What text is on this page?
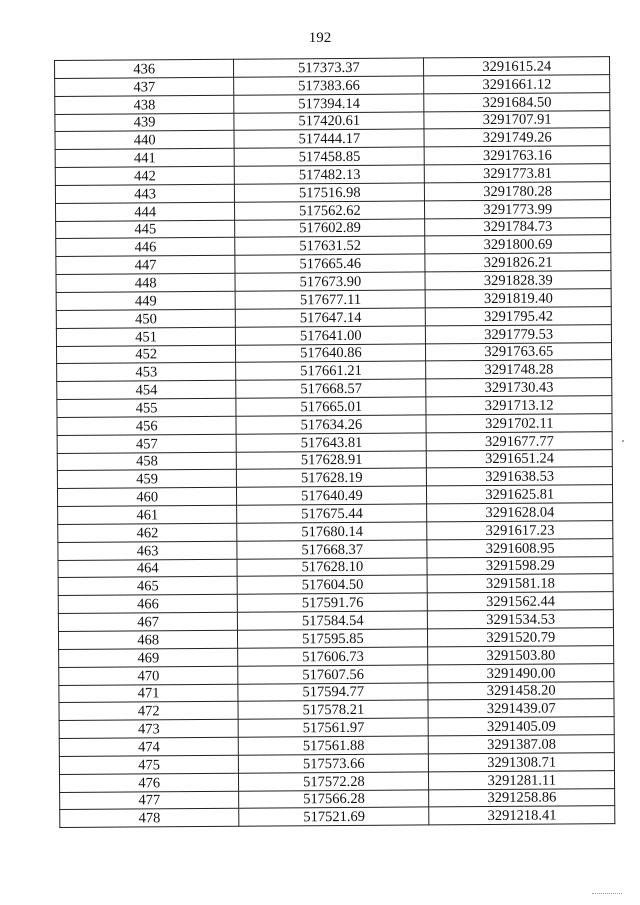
192
436	517373.37	3291615.24
437	517383.66	3291661.12
438	517394.14	3291684.50
439	517420.61	3291707.91
440	517444.17	3291749.26
441	517458.85	3291763.16
442	517482.13	3291773.81
443	517516.98	3291780.28
444	517562.62	3291773.99
445	517602.89	3291784.73
446	517631.52	3291800.69
447	517665.46	3291826.21
448	517673.90	3291828.39
449	517677.11	3291819.40
450	517647.14	3291795.42
451	517641.00	3291779.53
452	517640.86	3291763.65
453	517661.21	3291748.28
454	517668.57	3291730.43
455	517665.01	3291713.12
456	517634.26	3291702.11
457	517643.81	3291677.77
458	517628.91	3291651.24
459	517628.19	3291638.53
460	517640.49	3291625.81
461	517675.44	3291628.04
462	517680.14	3291617.23
463	517668.37	3291608.95
464	517628.10	3291598.29
465	517604.50	3291581.18
466	517591.76	3291562.44
467	517584.54	3291534.53
468	517595.85	3291520.79
469	517606.73	3291503.80
470	517607.56	3291490.00
471	517594.77	3291458.20
472	517578.21	3291439.07
473	517561.97	3291405.09
474	517561.88	3291387.08
475	517573.66	3291308.71
476	517572.28	3291281.11
477	517566.28	3291258.86
478	517521.69	3291218.41
